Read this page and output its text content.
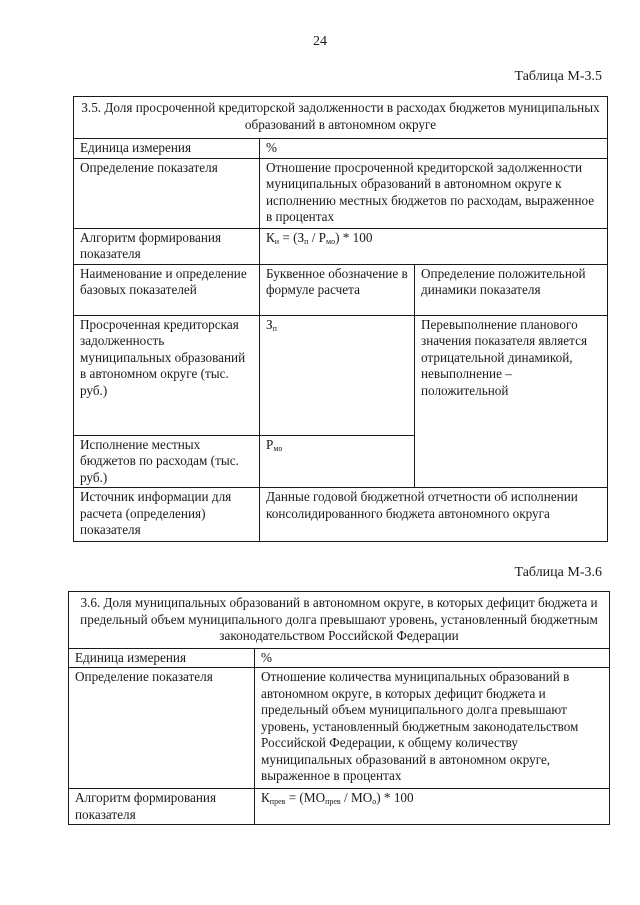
24
Таблица М-3.5
3.5. Доля просроченной кредиторской задолженности в расходах бюджетов муниципальных образований в автономном округе		
Единица измерения	%	
Определение показателя	Отношение просроченной кредиторской задолженности муниципальных образований в автономном округе к исполнению местных бюджетов по расходам, выраженное в процентах	
Алгоритм формирования показателя	$К_и = (З_п / Р_{мо}) * 100$	
Наименование и определение базовых показателей	Буквенное обозначение в формуле расчета	Определение положительной динамики показателя
Просроченная кредиторская задолженность муниципальных образований в автономном округе (тыс. руб.)	$З_п$	Перевыполнение планового значения показателя является отрицательной динамикой, невыполнение – положительной
Исполнение местных бюджетов по расходам (тыс. руб.)	$Р_{мо}$
Источник информации для расчета (определения) показателя	Данные годовой бюджетной отчетности об исполнении консолидированного бюджета автономного округа	
Таблица М-3.6
3.6. Доля муниципальных образований в автономном округе, в которых дефицит бюджета и предельный объем муниципального долга превышают уровень, установленный бюджетным законодательством Российской Федерации	
Единица измерения	%
Определение показателя	Отношение количества муниципальных образований в автономном округе, в которых дефицит бюджета и предельный объем муниципального долга превышают уровень, установленный бюджетным законодательством Российской Федерации, к общему количеству муниципальных образований в автономном округе, выраженное в процентах
Алгоритм формирования показателя	$К_{прев} = (МО_{прев} / МО_о) * 100$
